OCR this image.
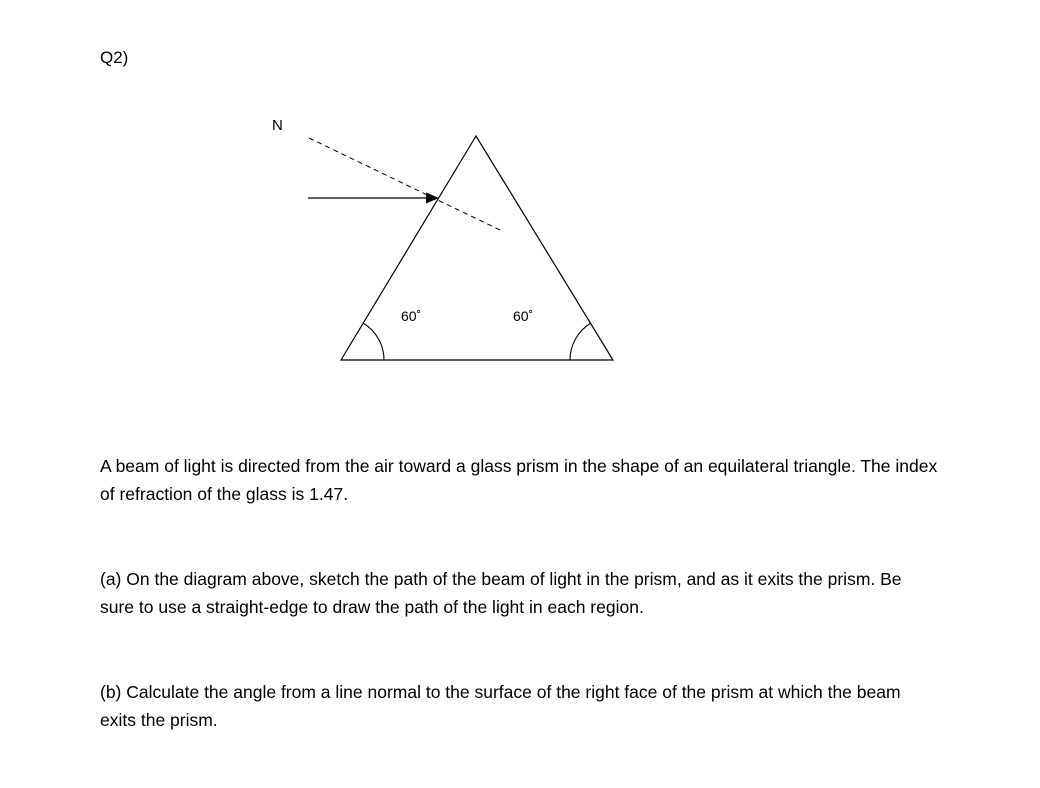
Q2)
N
60˚	60˚

A beam of light is directed from the air toward a glass prism in the shape of an equilateral triangle. The index of refraction of the glass is 1.47.

(a) On the diagram above, sketch the path of the beam of light in the prism, and as it exits the prism. Be sure to use a straight-edge to draw the path of the light in each region.

(b) Calculate the angle from a line normal to the surface of the right face of the prism at which the beam exits the prism.
